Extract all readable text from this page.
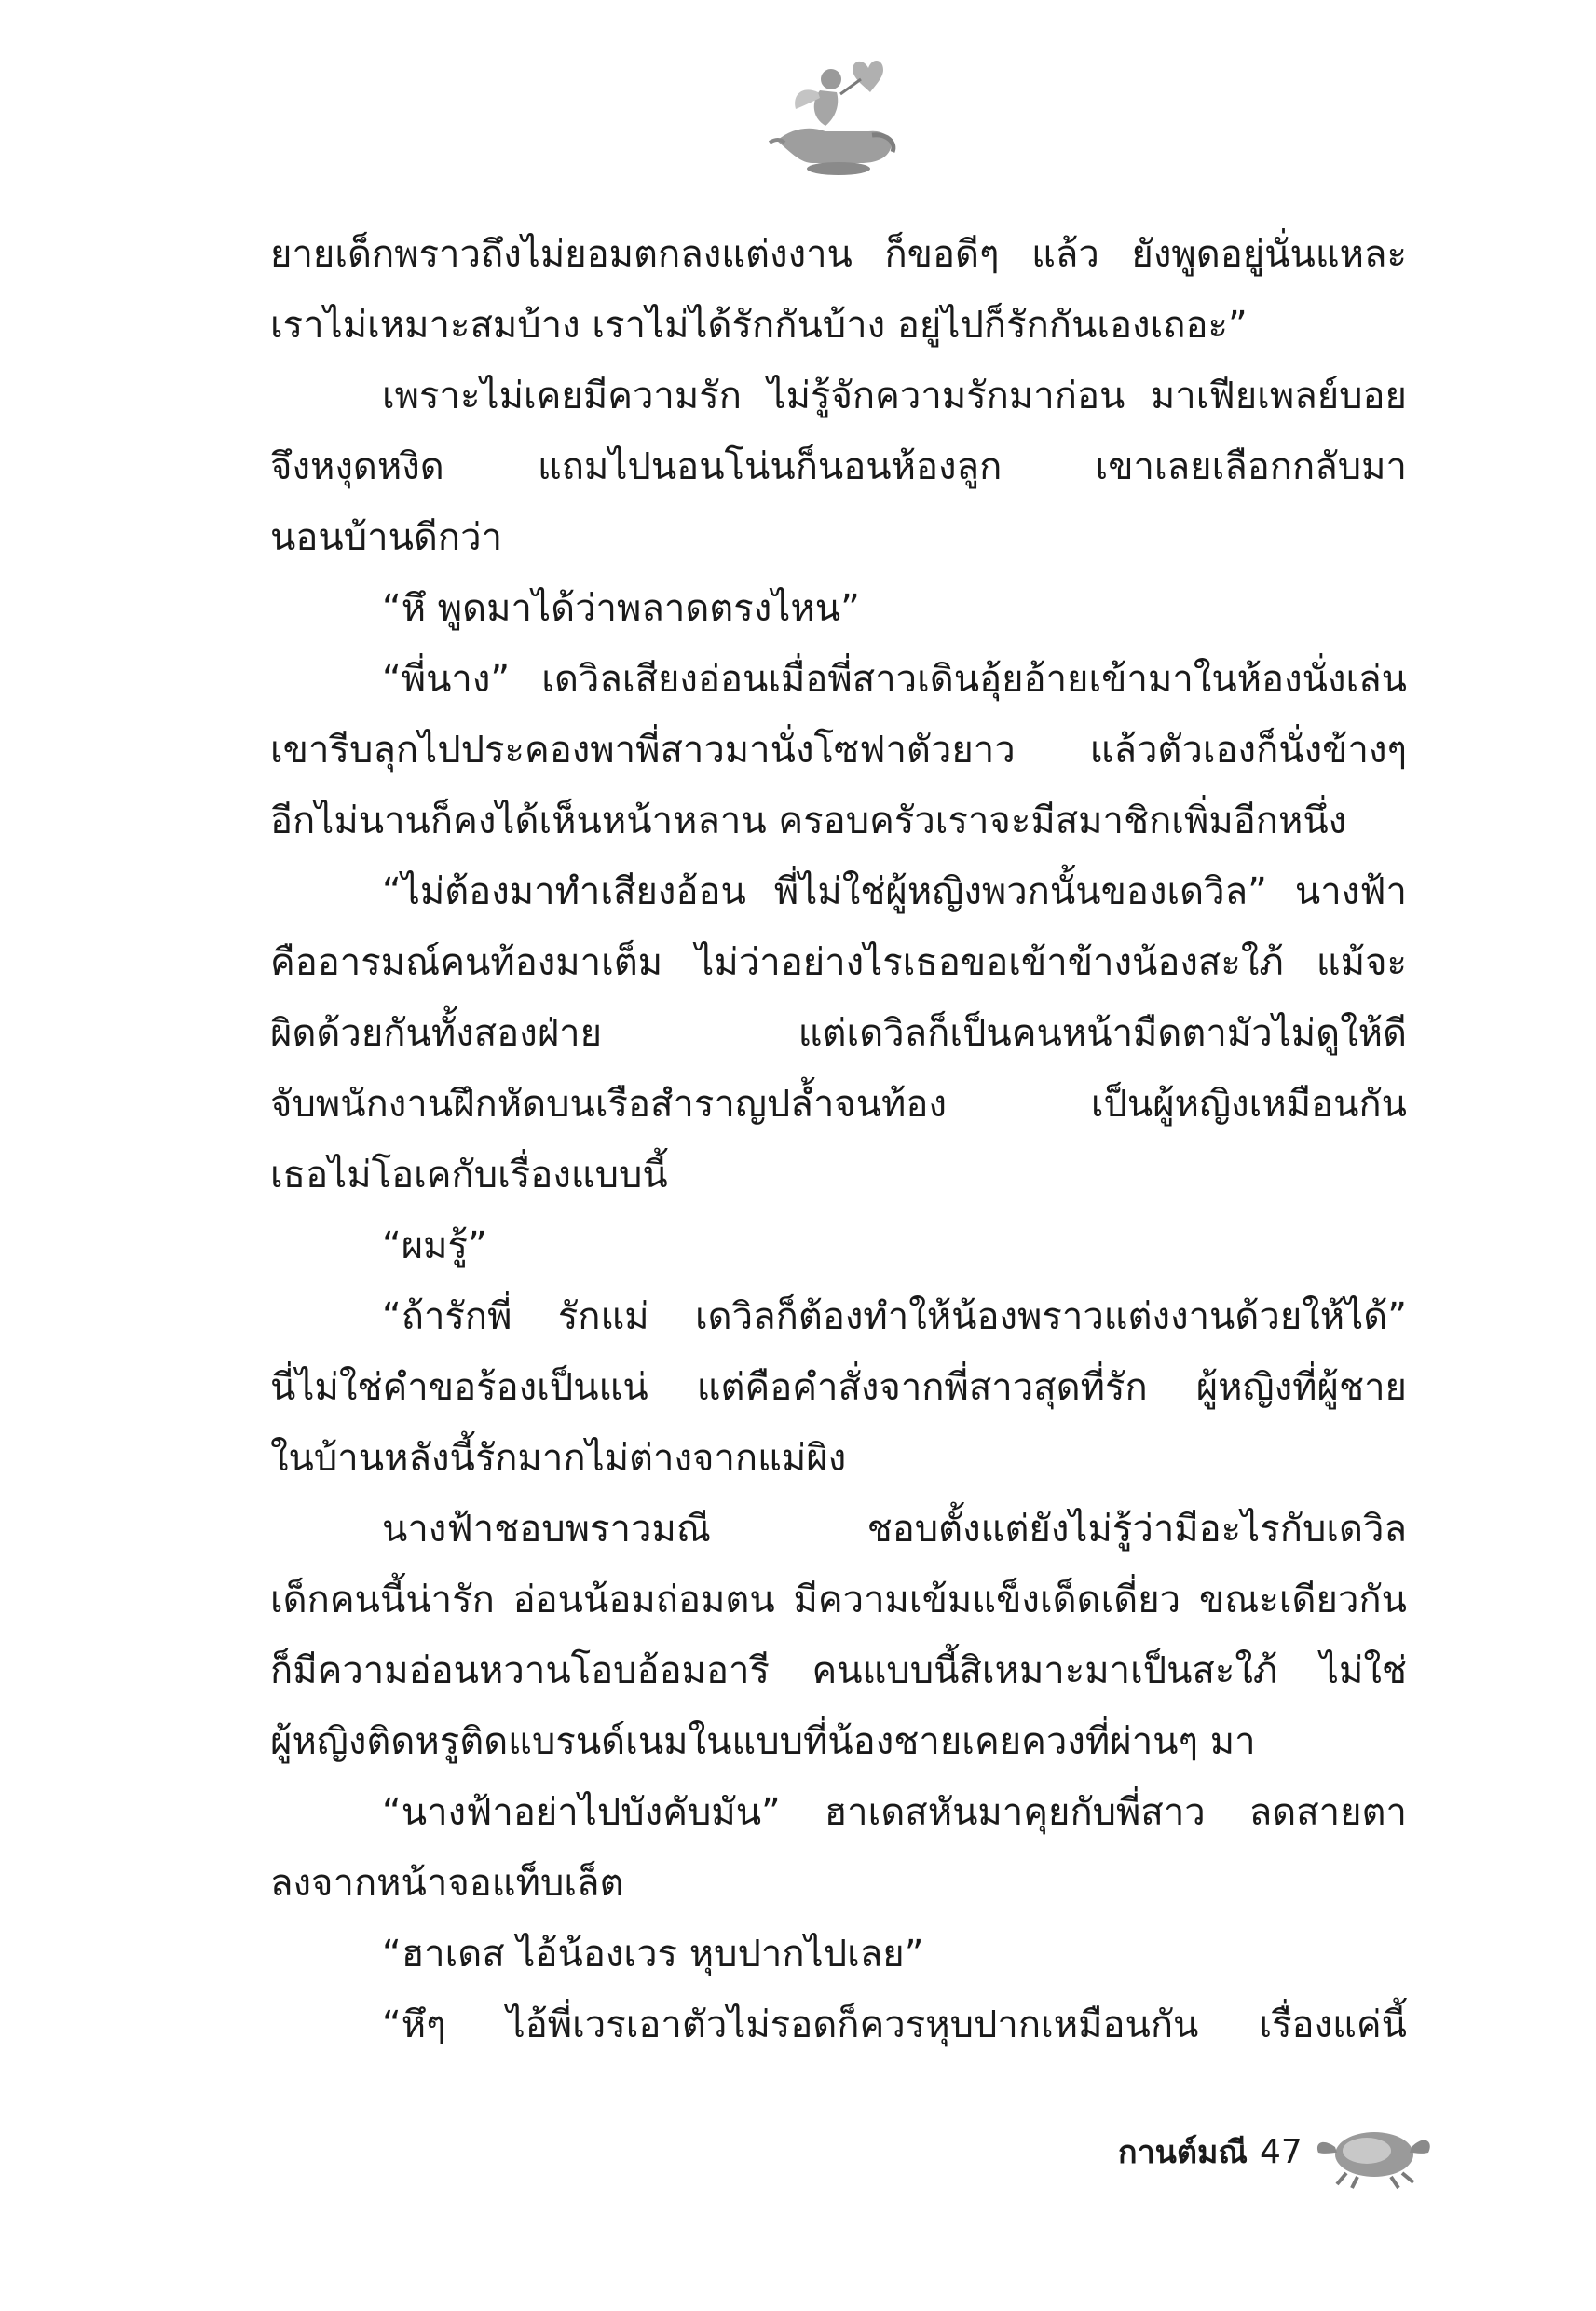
ยายเด็กพราวถึงไม่ยอมตกลงแต่งงาน ก็ขอดีๆ แล้ว ยังพูดอยู่นั่นแหละ
เราไม่เหมาะสมบ้าง เราไม่ได้รักกันบ้าง อยู่ไปก็รักกันเองเถอะ”
เพราะไม่เคยมีความรัก ไม่รู้จักความรักมาก่อน มาเฟียเพลย์บอย
จึงหงุดหงิด แถมไปนอนโน่นก็นอนห้องลูก เขาเลยเลือกกลับมา
นอนบ้านดีกว่า
“หึ พูดมาได้ว่าพลาดตรงไหน”
“พี่นาง” เดวิลเสียงอ่อนเมื่อพี่สาวเดินอุ้ยอ้ายเข้ามาในห้องนั่งเล่น
เขารีบลุกไปประคองพาพี่สาวมานั่งโซฟาตัวยาว แล้วตัวเองก็นั่งข้างๆ
อีกไม่นานก็คงได้เห็นหน้าหลาน ครอบครัวเราจะมีสมาชิกเพิ่มอีกหนึ่ง
“ไม่ต้องมาทำเสียงอ้อน พี่ไม่ใช่ผู้หญิงพวกนั้นของเดวิล” นางฟ้า
คืออารมณ์คนท้องมาเต็ม ไม่ว่าอย่างไรเธอขอเข้าข้างน้องสะใภ้ แม้จะ
ผิดด้วยกันทั้งสองฝ่าย แต่เดวิลก็เป็นคนหน้ามืดตามัวไม่ดูให้ดี
จับพนักงานฝึกหัดบนเรือสำราญปล้ำจนท้อง เป็นผู้หญิงเหมือนกัน
เธอไม่โอเคกับเรื่องแบบนี้
“ผมรู้”
“ถ้ารักพี่ รักแม่ เดวิลก็ต้องทำให้น้องพราวแต่งงานด้วยให้ได้”
นี่ไม่ใช่คำขอร้องเป็นแน่ แต่คือคำสั่งจากพี่สาวสุดที่รัก ผู้หญิงที่ผู้ชาย
ในบ้านหลังนี้รักมากไม่ต่างจากแม่ผิง
นางฟ้าชอบพราวมณี ชอบตั้งแต่ยังไม่รู้ว่ามีอะไรกับเดวิล
เด็กคนนี้น่ารัก อ่อนน้อมถ่อมตน มีความเข้มแข็งเด็ดเดี่ยว ขณะเดียวกัน
ก็มีความอ่อนหวานโอบอ้อมอารี คนแบบนี้สิเหมาะมาเป็นสะใภ้ ไม่ใช่
ผู้หญิงติดหรูติดแบรนด์เนมในแบบที่น้องชายเคยควงที่ผ่านๆ มา
“นางฟ้าอย่าไปบังคับมัน” ฮาเดสหันมาคุยกับพี่สาว ลดสายตา
ลงจากหน้าจอแท็บเล็ต
“ฮาเดส ไอ้น้องเวร หุบปากไปเลย”
“หึๆ ไอ้พี่เวรเอาตัวไม่รอดก็ควรหุบปากเหมือนกัน เรื่องแค่นี้
กานต์มณี 47
